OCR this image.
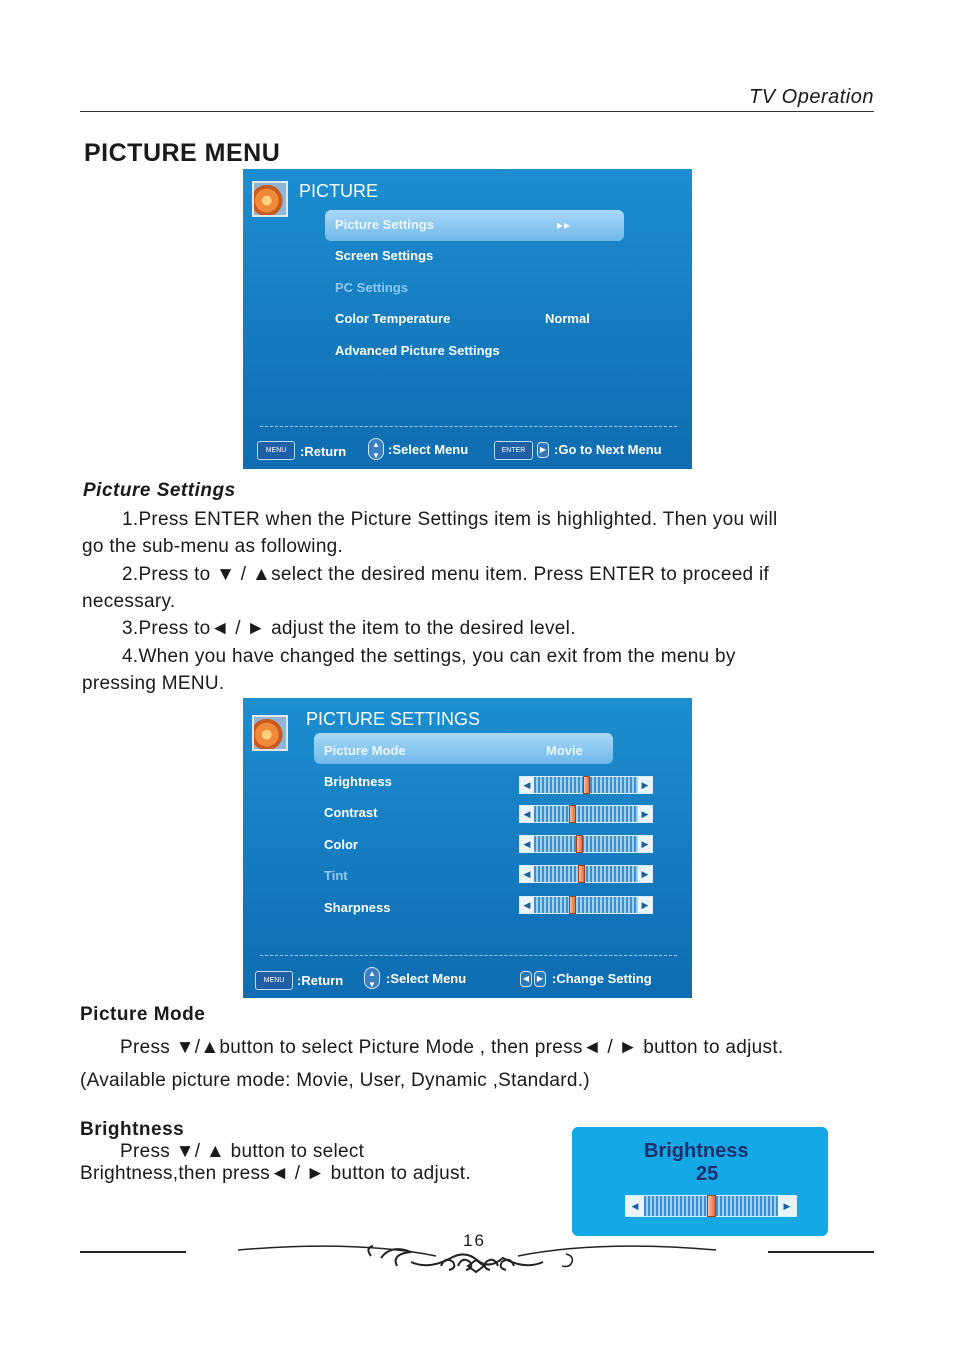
TV Operation
PICTURE MENU
PICTURE
Picture Settings	▸▸
Screen Settings
PC Settings
Color Temperature	Normal
Advanced Picture Settings
MENU	:Return	▲
▼ :Select Menu	ENTER	▶ :Go to Next Menu
Picture Settings
1.Press ENTER when the Picture Settings item is highlighted. Then you will
go the sub-menu as following.
2.Press to ▼ / ▲select the desired menu item. Press ENTER to proceed if
necessary.
3.Press to◄ / ► adjust the item to the desired level.
4.When you have changed the settings, you can exit from the menu by
pressing MENU.
PICTURE SETTINGS
Picture Mode	Movie
Brightness	◀	▶
Contrast	◀	▶
Color	◀	▶
Tint	◀	▶
Sharpness	◀	▶
MENU :Return	▲
▼ :Select Menu	◀ ▶ :Change Setting
Picture Mode
Press ▼/▲button to select Picture Mode , then press◄ / ► button to adjust.
(Available picture mode: Movie, User, Dynamic ,Standard.)
Brightness
Press ▼/ ▲ button to select
Brightness,then press◄ / ► button to adjust.
Brightness
25
◀	▶
16
